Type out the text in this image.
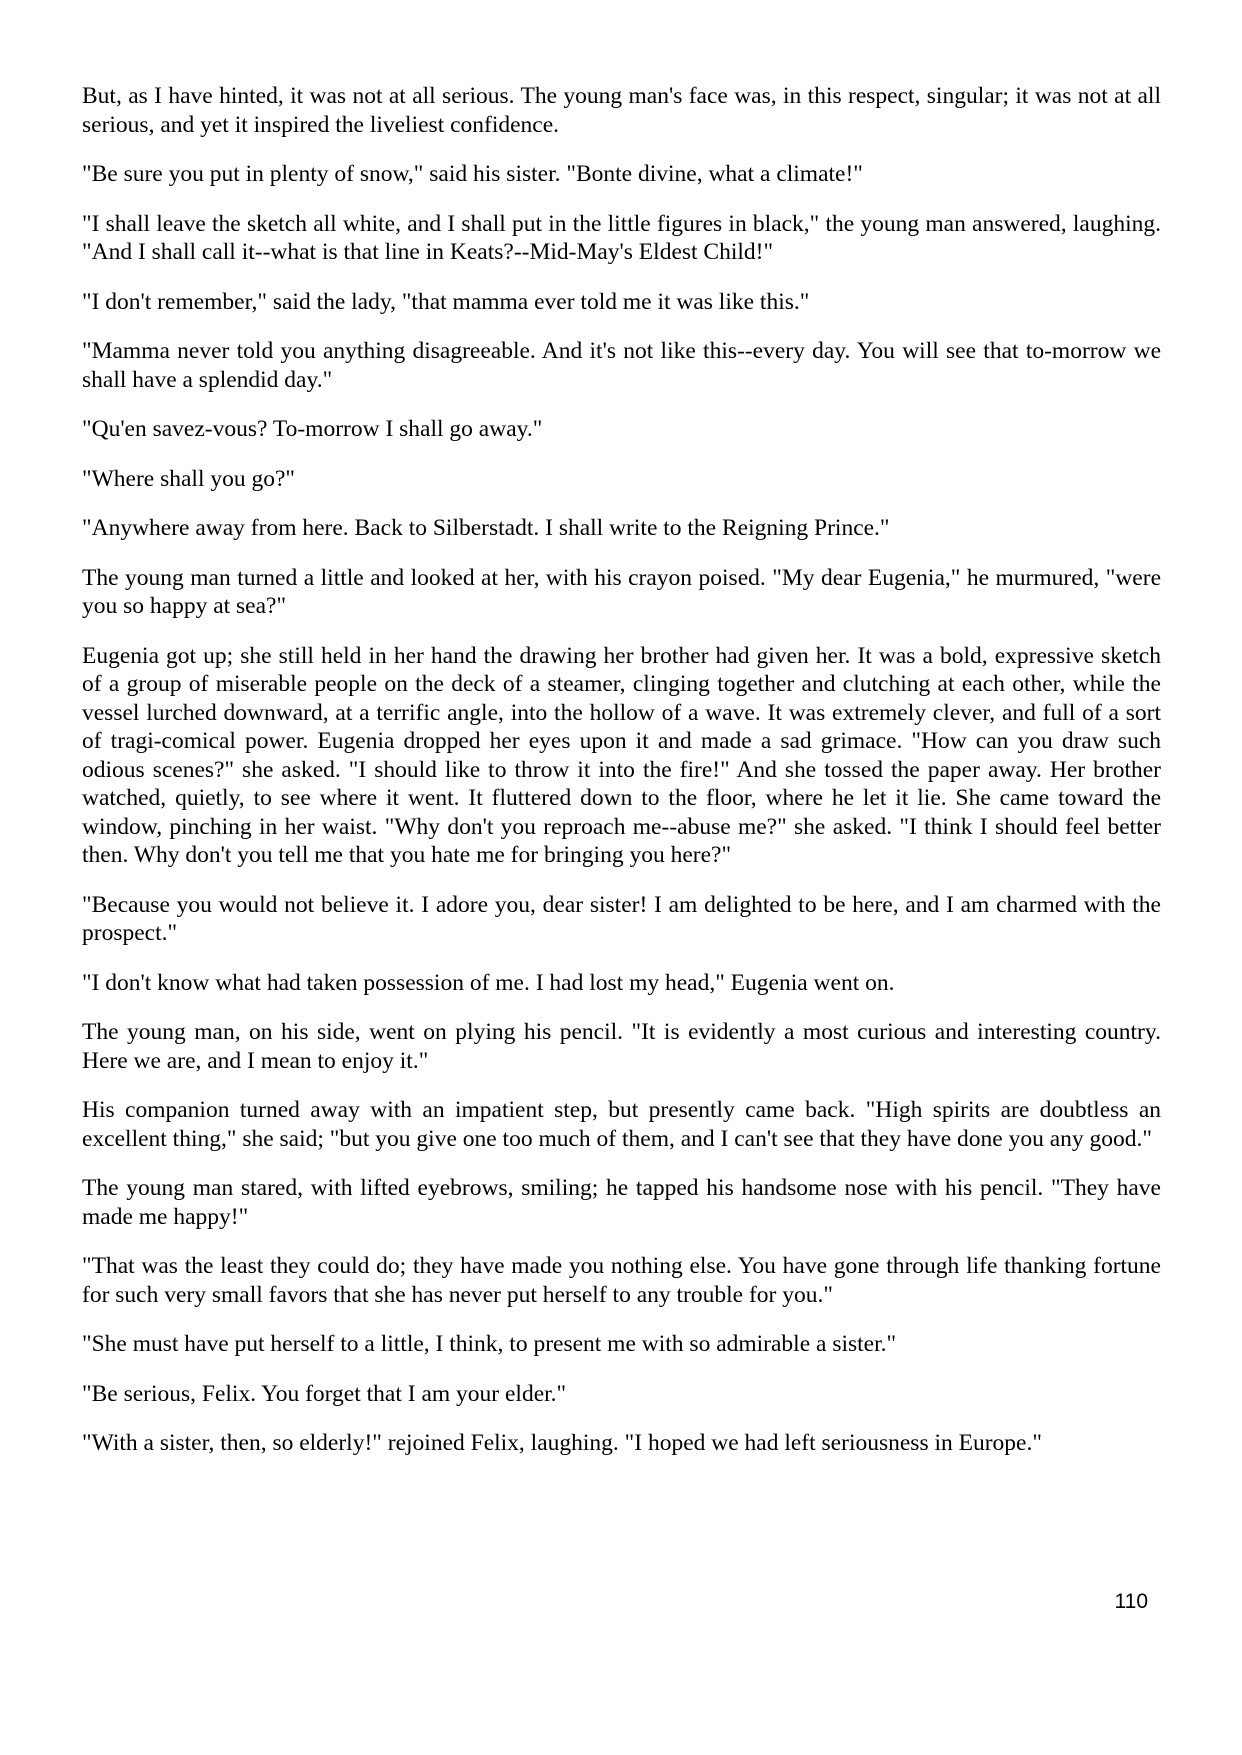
But, as I have hinted, it was not at all serious. The young man's face was, in this respect, singular; it was not at all serious, and yet it inspired the liveliest confidence.

"Be sure you put in plenty of snow," said his sister. "Bonte divine, what a climate!"

"I shall leave the sketch all white, and I shall put in the little figures in black," the young man answered, laughing. "And I shall call it--what is that line in Keats?--Mid-May's Eldest Child!"

"I don't remember," said the lady, "that mamma ever told me it was like this."

"Mamma never told you anything disagreeable. And it's not like this--every day. You will see that to-morrow we shall have a splendid day."

"Qu'en savez-vous? To-morrow I shall go away."

"Where shall you go?"

"Anywhere away from here. Back to Silberstadt. I shall write to the Reigning Prince."

The young man turned a little and looked at her, with his crayon poised. "My dear Eugenia," he murmured, "were you so happy at sea?"

Eugenia got up; she still held in her hand the drawing her brother had given her. It was a bold, expressive sketch of a group of miserable people on the deck of a steamer, clinging together and clutching at each other, while the vessel lurched downward, at a terrific angle, into the hollow of a wave. It was extremely clever, and full of a sort of tragi-comical power. Eugenia dropped her eyes upon it and made a sad grimace. "How can you draw such odious scenes?" she asked. "I should like to throw it into the fire!" And she tossed the paper away. Her brother watched, quietly, to see where it went. It fluttered down to the floor, where he let it lie. She came toward the window, pinching in her waist. "Why don't you reproach me--abuse me?" she asked. "I think I should feel better then. Why don't you tell me that you hate me for bringing you here?"

"Because you would not believe it. I adore you, dear sister! I am delighted to be here, and I am charmed with the prospect."

"I don't know what had taken possession of me. I had lost my head," Eugenia went on.

The young man, on his side, went on plying his pencil. "It is evidently a most curious and interesting country. Here we are, and I mean to enjoy it."

His companion turned away with an impatient step, but presently came back. "High spirits are doubtless an excellent thing," she said; "but you give one too much of them, and I can't see that they have done you any good."

The young man stared, with lifted eyebrows, smiling; he tapped his handsome nose with his pencil. "They have made me happy!"

"That was the least they could do; they have made you nothing else. You have gone through life thanking fortune for such very small favors that she has never put herself to any trouble for you."

"She must have put herself to a little, I think, to present me with so admirable a sister."

"Be serious, Felix. You forget that I am your elder."

"With a sister, then, so elderly!" rejoined Felix, laughing. "I hoped we had left seriousness in Europe."

110
